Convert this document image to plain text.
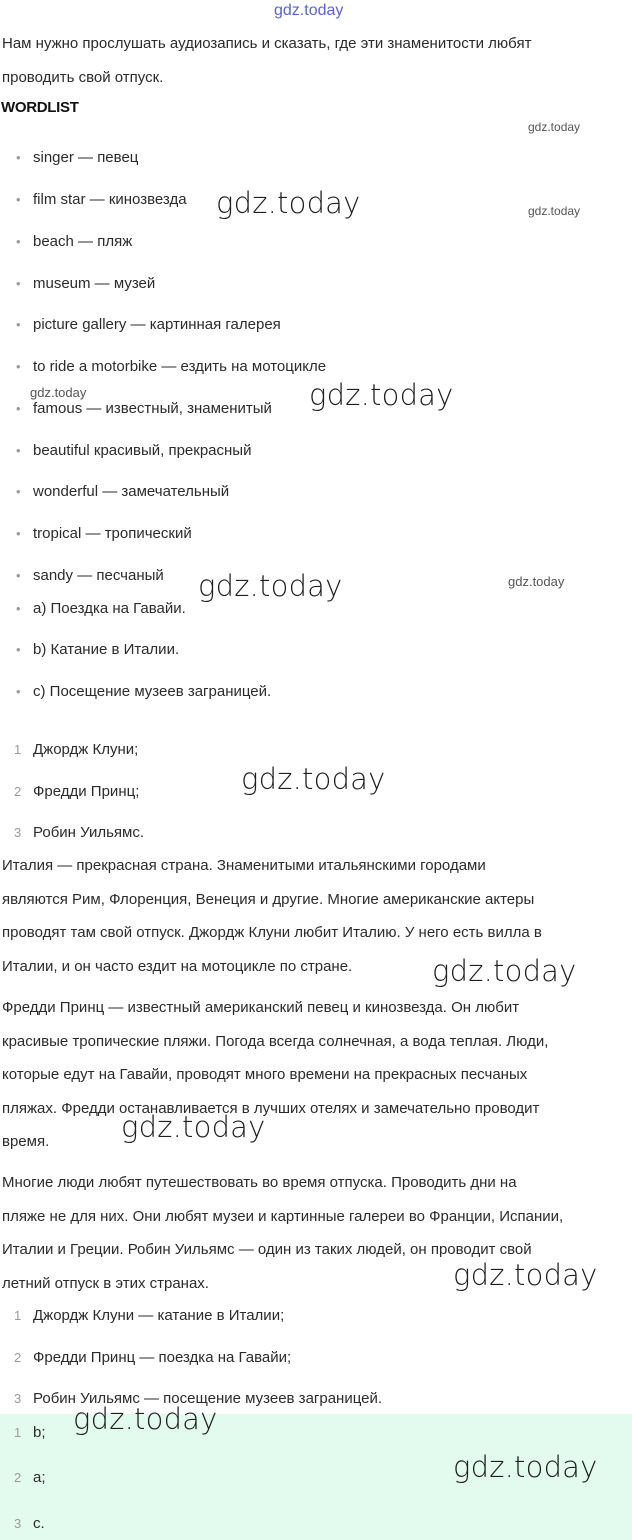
gdz.today
Нам нужно прослушать аудиозапись и сказать, где эти знаменитости любят
проводить свой отпуск.
WORDLIST
• singer — певец
• film star — кинозвезда
• beach — пляж
• museum — музей
• picture gallery — картинная галерея
• to ride a motorbike — ездить на мотоцикле
• famous — известный, знаменитый
• beautiful красивый, прекрасный
• wonderful — замечательный
• tropical — тропический
• sandy — песчаный
• a) Поездка на Гавайи.
• b) Катание в Италии.
• c) Посещение музеев заграницей.
1 Джордж Клуни;
2 Фредди Принц;
3 Робин Уильямс.
Италия — прекрасная страна. Знаменитыми итальянскими городами
являются Рим, Флоренция, Венеция и другие. Многие американские актеры
проводят там свой отпуск. Джордж Клуни любит Италию. У него есть вилла в
Италии, и он часто ездит на мотоцикле по стране.
Фредди Принц — известный американский певец и кинозвезда. Он любит
красивые тропические пляжи. Погода всегда солнечная, а вода теплая. Люди,
которые едут на Гавайи, проводят много времени на прекрасных песчаных
пляжах. Фредди останавливается в лучших отелях и замечательно проводит
время.
Многие люди любят путешествовать во время отпуска. Проводить дни на
пляже не для них. Они любят музеи и картинные галереи во Франции, Испании,
Италии и Греции. Робин Уильямс — один из таких людей, он проводит свой
летний отпуск в этих странах.
1 Джордж Клуни — катание в Италии;
2 Фредди Принц — поездка на Гавайи;
3 Робин Уильямс — посещение музеев заграницей.
1 b;
2 a;
3 c.
gdz.today
gdz.today
gdz.today
gdz.today
gdz.today
gdz.today
gdz.today
gdz.today
gdz.today
gdz.today
gdz.today
gdz.today
gdz.today
